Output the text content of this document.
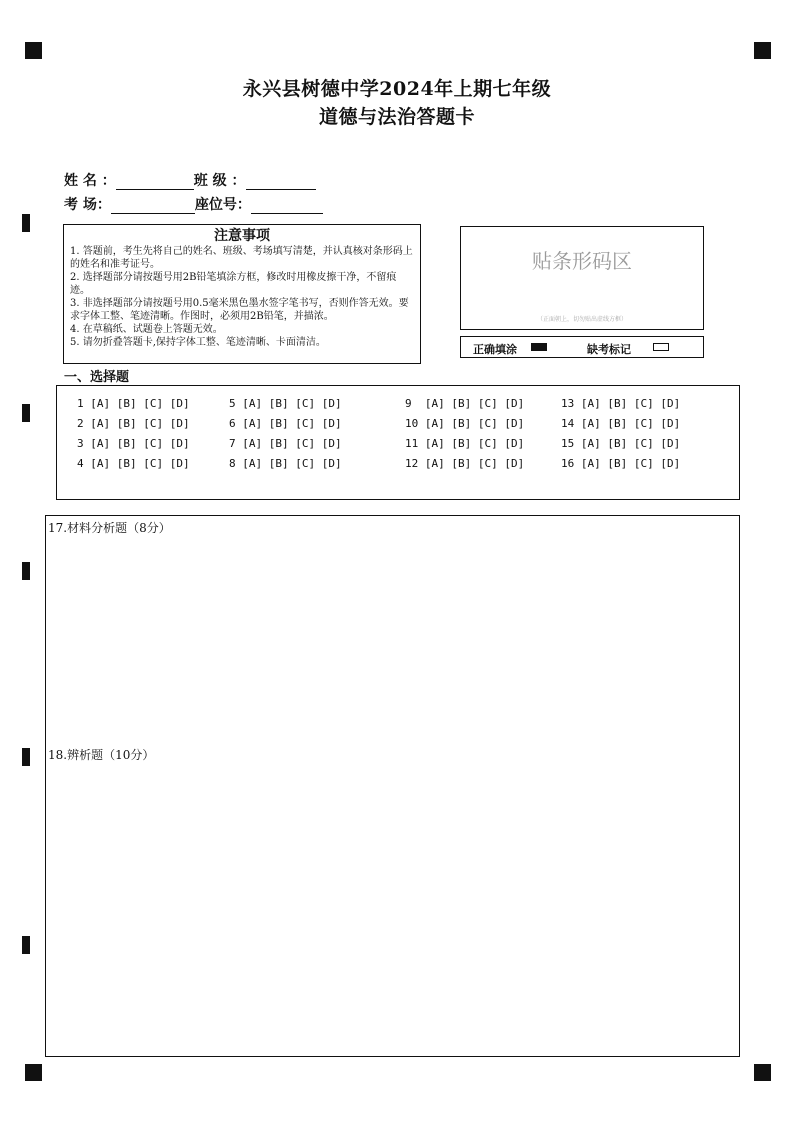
永兴县树德中学2024年上期七年级
道德与法治答题卡
姓 名 ：	班 级 ：
考 场：	座位号：
注意事项
1. 答题前，考生先将自己的姓名、班级、考场填写清楚，并认真核对条形码上的姓名和准考证号。
2. 选择题部分请按题号用2B铅笔填涂方框，修改时用橡皮擦干净，不留痕迹。
3. 非选择题部分请按题号用0.5毫米黑色墨水签字笔书写，否则作答无效。要求字体工整、笔迹清晰。作图时，必须用2B铅笔，并描浓。
4. 在草稿纸、试题卷上答题无效。
5. 请勿折叠答题卡,保持字体工整、笔迹清晰、卡面清洁。
贴条形码区
（正面朝上，切勿贴出虚线方框）
正确填涂	缺考标记
一、选择题
1 [A] [B] [C] [D]
2 [A] [B] [C] [D]
3 [A] [B] [C] [D]
4 [A] [B] [C] [D]
5 [A] [B] [C] [D]
6 [A] [B] [C] [D]
7 [A] [B] [C] [D]
8 [A] [B] [C] [D]
9  [A] [B] [C] [D]
10 [A] [B] [C] [D]
11 [A] [B] [C] [D]
12 [A] [B] [C] [D]
13 [A] [B] [C] [D]
14 [A] [B] [C] [D]
15 [A] [B] [C] [D]
16 [A] [B] [C] [D]
17.材料分析题（8分）
18.辨析题（10分）
